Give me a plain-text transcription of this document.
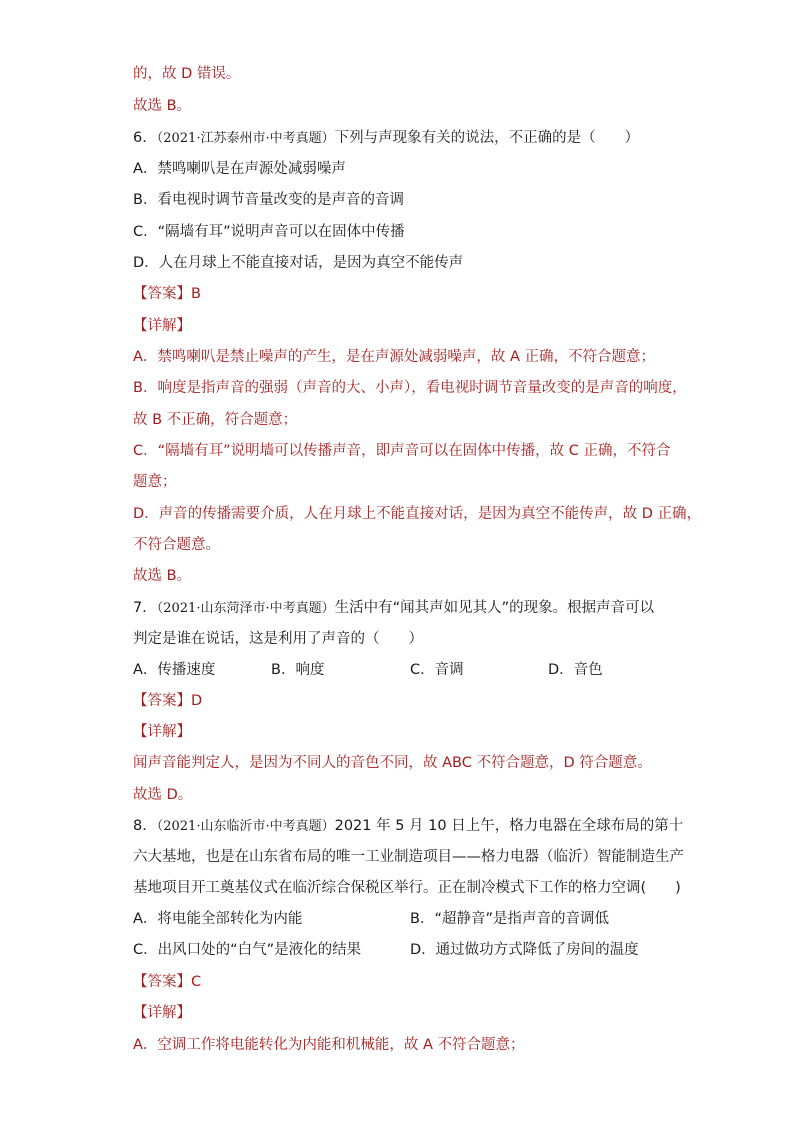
的，故 D 错误。
故选 B。
6．（2021·江苏泰州市·中考真题）下列与声现象有关的说法，不正确的是（　　）
A．禁鸣喇叭是在声源处减弱噪声
B．看电视时调节音量改变的是声音的音调
C．“隔墙有耳”说明声音可以在固体中传播
D．人在月球上不能直接对话，是因为真空不能传声
【答案】B
【详解】
A．禁鸣喇叭是禁止噪声的产生，是在声源处减弱噪声，故 A 正确，不符合题意；
B．响度是指声音的强弱（声音的大、小声），看电视时调节音量改变的是声音的响度，
故 B 不正确，符合题意；
C．“隔墙有耳”说明墙可以传播声音，即声音可以在固体中传播，故 C 正确，不符合
题意；
D．声音的传播需要介质，人在月球上不能直接对话，是因为真空不能传声，故 D 正确，
不符合题意。
故选 B。
7．（2021·山东菏泽市·中考真题）生活中有“闻其声如见其人”的现象。根据声音可以
判定是谁在说话，这是利用了声音的（　　）
A．传播速度	B．响度	C．音调	D．音色
【答案】D
【详解】
闻声音能判定人，是因为不同人的音色不同，故 ABC 不符合题意，D 符合题意。
故选 D。
8．（2021·山东临沂市·中考真题）2021 年 5 月 10 日上午，格力电器在全球布局的第十
六大基地，也是在山东省布局的唯一工业制造项目——格力电器（临沂）智能制造生产
基地项目开工奠基仪式在临沂综合保税区举行。正在制冷模式下工作的格力空调(　　)
A．将电能全部转化为内能	B．“超静音”是指声音的音调低
C．出风口处的“白气”是液化的结果	D．通过做功方式降低了房间的温度
【答案】C
【详解】
A．空调工作将电能转化为内能和机械能，故 A 不符合题意；
